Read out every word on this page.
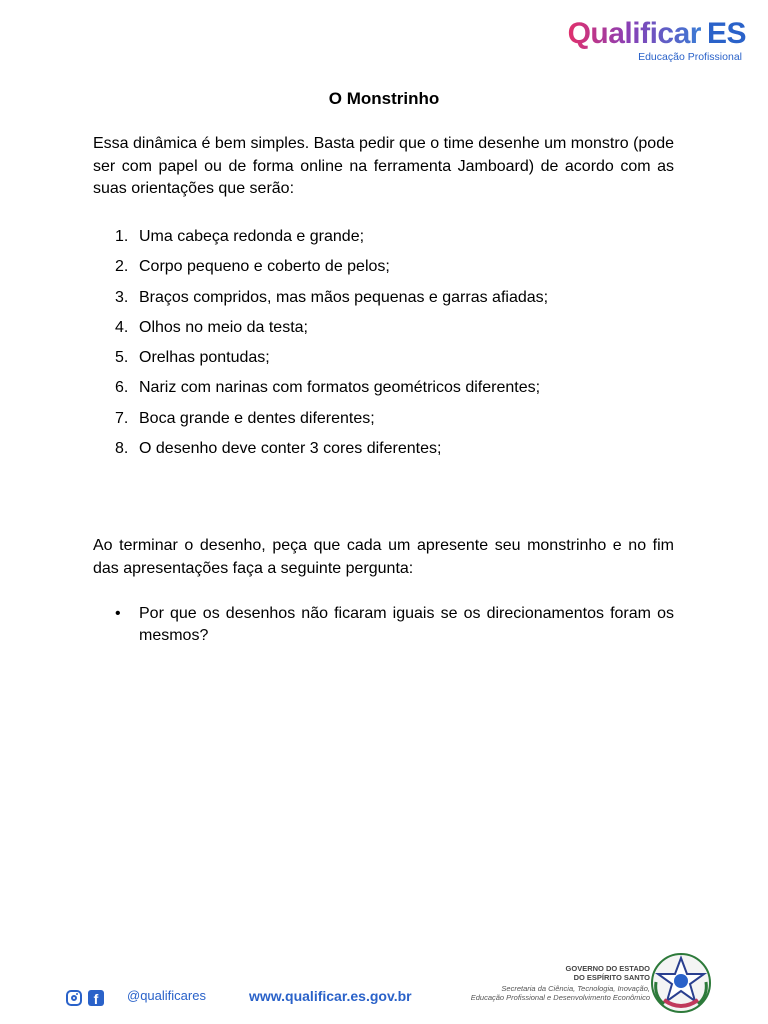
Qualificar ES
Educação Profissional
O Monstrinho
Essa dinâmica é bem simples. Basta pedir que o time desenhe um monstro (pode ser com papel ou de forma online na ferramenta Jamboard) de acordo com as suas orientações que serão:
1. Uma cabeça redonda e grande;
2. Corpo pequeno e coberto de pelos;
3. Braços compridos, mas mãos pequenas e garras afiadas;
4. Olhos no meio da testa;
5. Orelhas pontudas;
6. Nariz com narinas com formatos geométricos diferentes;
7. Boca grande e dentes diferentes;
8. O desenho deve conter 3 cores diferentes;
Ao terminar o desenho, peça que cada um apresente seu monstrinho e no fim das apresentações faça a seguinte pergunta:
• Por que os desenhos não ficaram iguais se os direcionamentos foram os mesmos?
f	@qualificares	www.qualificar.es.gov.br
GOVERNO DO ESTADO
DO ESPÍRITO SANTO
Secretaria da Ciência, Tecnologia, Inovação,
Educação Profissional e Desenvolvimento Econômico
